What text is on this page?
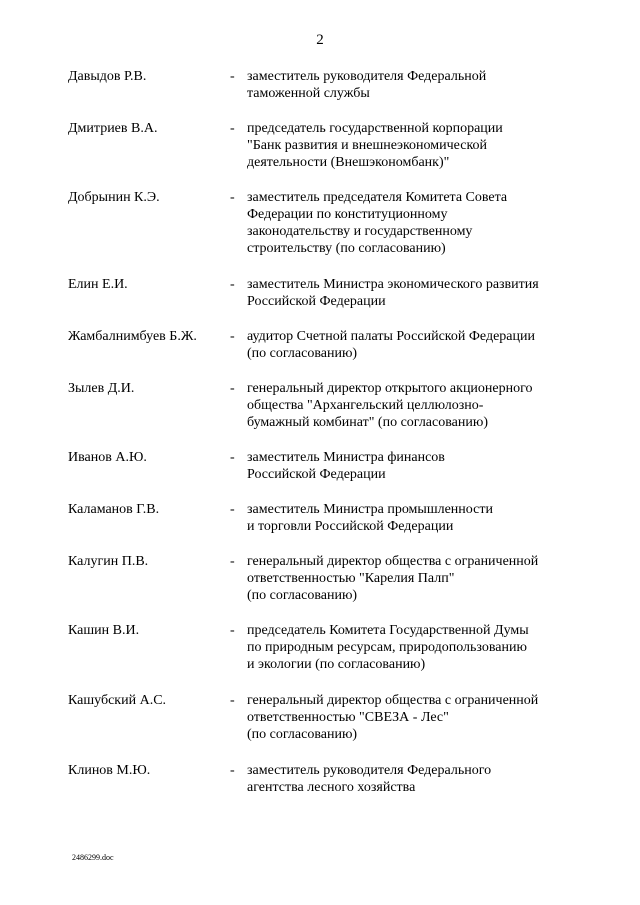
2
Давыдов Р.В.	- заместитель руководителя Федеральной
таможенной службы
Дмитриев В.А.	- председатель государственной корпорации
"Банк развития и внешнеэкономической
деятельности (Внешэкономбанк)"
Добрынин К.Э.	- заместитель председателя Комитета Совета
Федерации по конституционному
законодательству и государственному
строительству (по согласованию)
Елин Е.И.	- заместитель Министра экономического развития
Российской Федерации
Жамбалнимбуев Б.Ж. - аудитор Счетной палаты Российской Федерации
(по согласованию)
Зылев Д.И.	- генеральный директор открытого акционерного
общества "Архангельский целлюлозно-
бумажный комбинат" (по согласованию)
Иванов А.Ю.	- заместитель Министра финансов
Российской Федерации
Каламанов Г.В.	- заместитель Министра промышленности
и торговли Российской Федерации
Калугин П.В.	- генеральный директор общества с ограниченной
ответственностью "Карелия Палп"
(по согласованию)
Кашин В.И.	- председатель Комитета Государственной Думы
по природным ресурсам, природопользованию
и экологии (по согласованию)
Кашубский А.С.	- генеральный директор общества с ограниченной
ответственностью "СВЕЗА - Лес"
(по согласованию)
Клинов М.Ю.	- заместитель руководителя Федерального
агентства лесного хозяйства
2486299.doc
